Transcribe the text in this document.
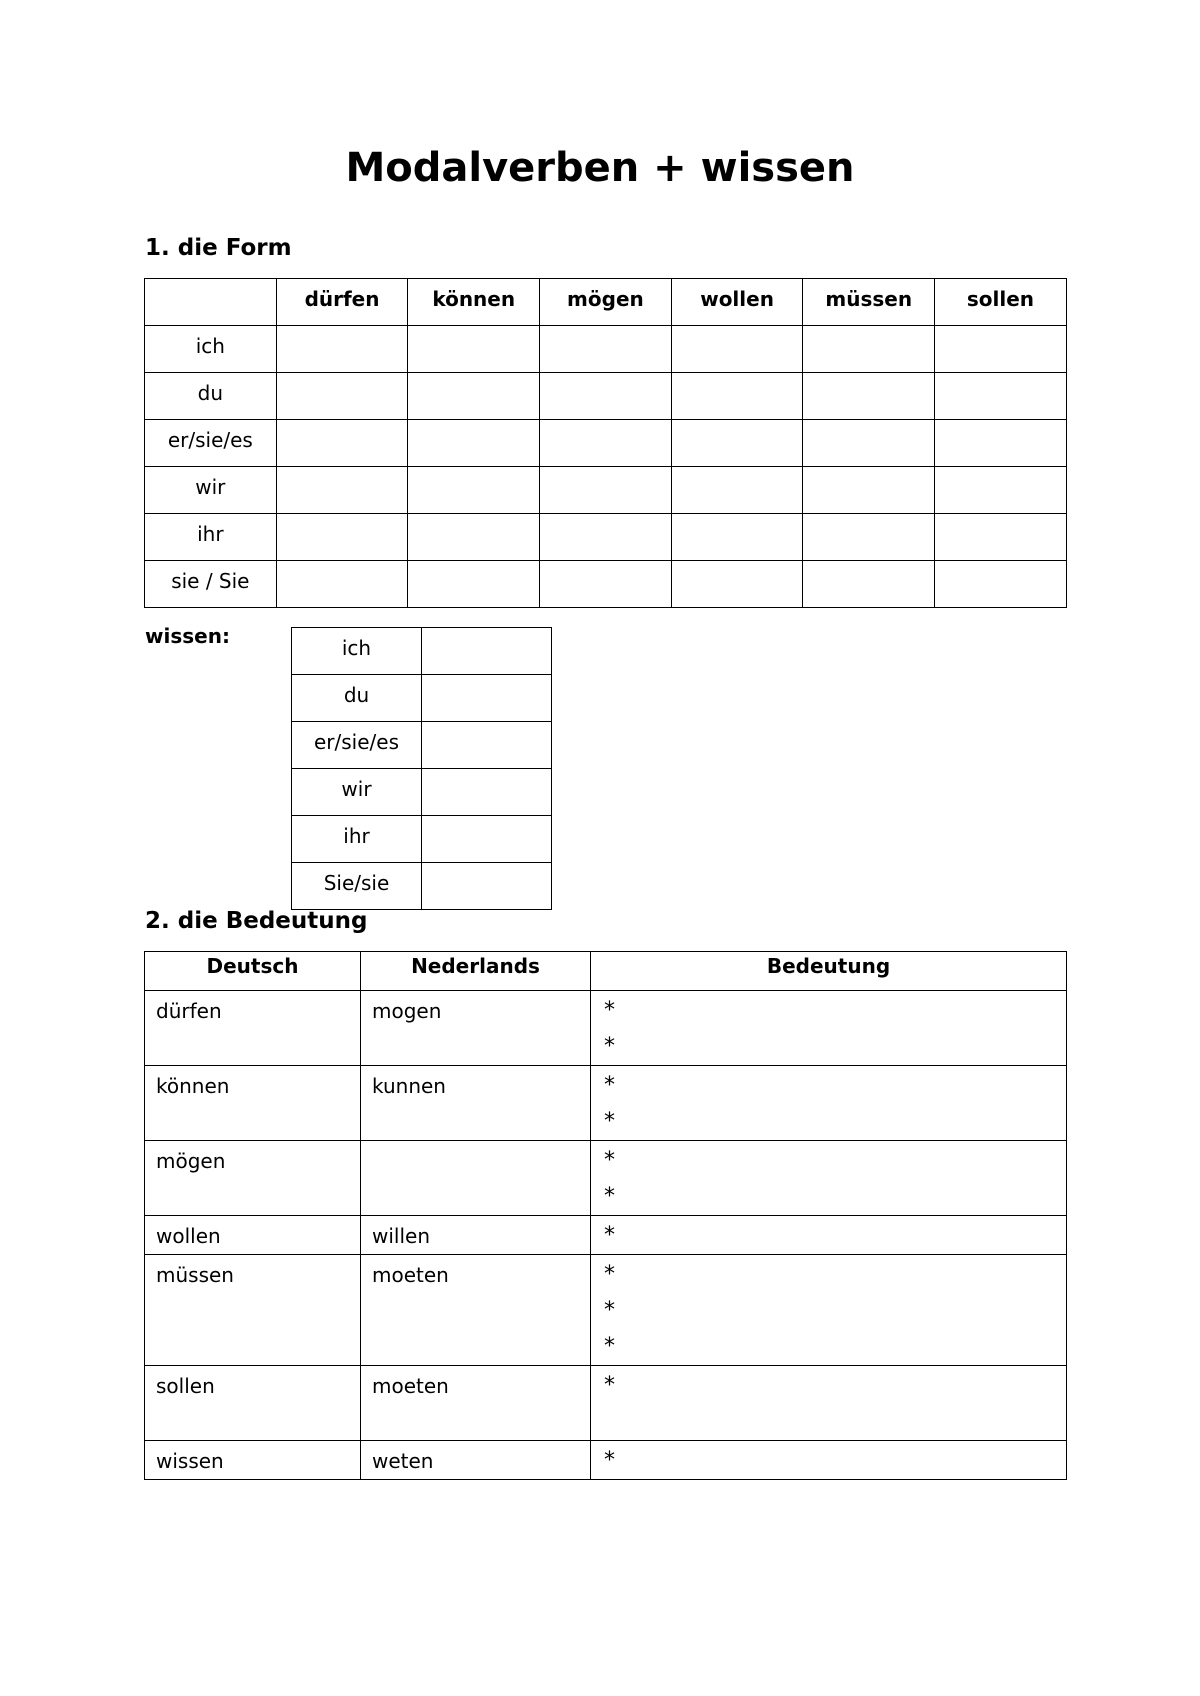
Modalverben + wissen
1. die Form
	dürfen	können	mögen	wollen	müssen	sollen
ich						
du						
er/sie/es						
wir						
ihr						
sie / Sie						
wissen:	ich	
du	
er/sie/es	
wir	
ihr	
Sie/sie	
2. die Bedeutung
Deutsch	Nederlands	Bedeutung
dürfen	mogen	*
*

können	kunnen	*
*

mögen		*
*

wollen	willen	*

müssen	moeten	*
*
*

sollen	moeten	*

wissen	weten	*
